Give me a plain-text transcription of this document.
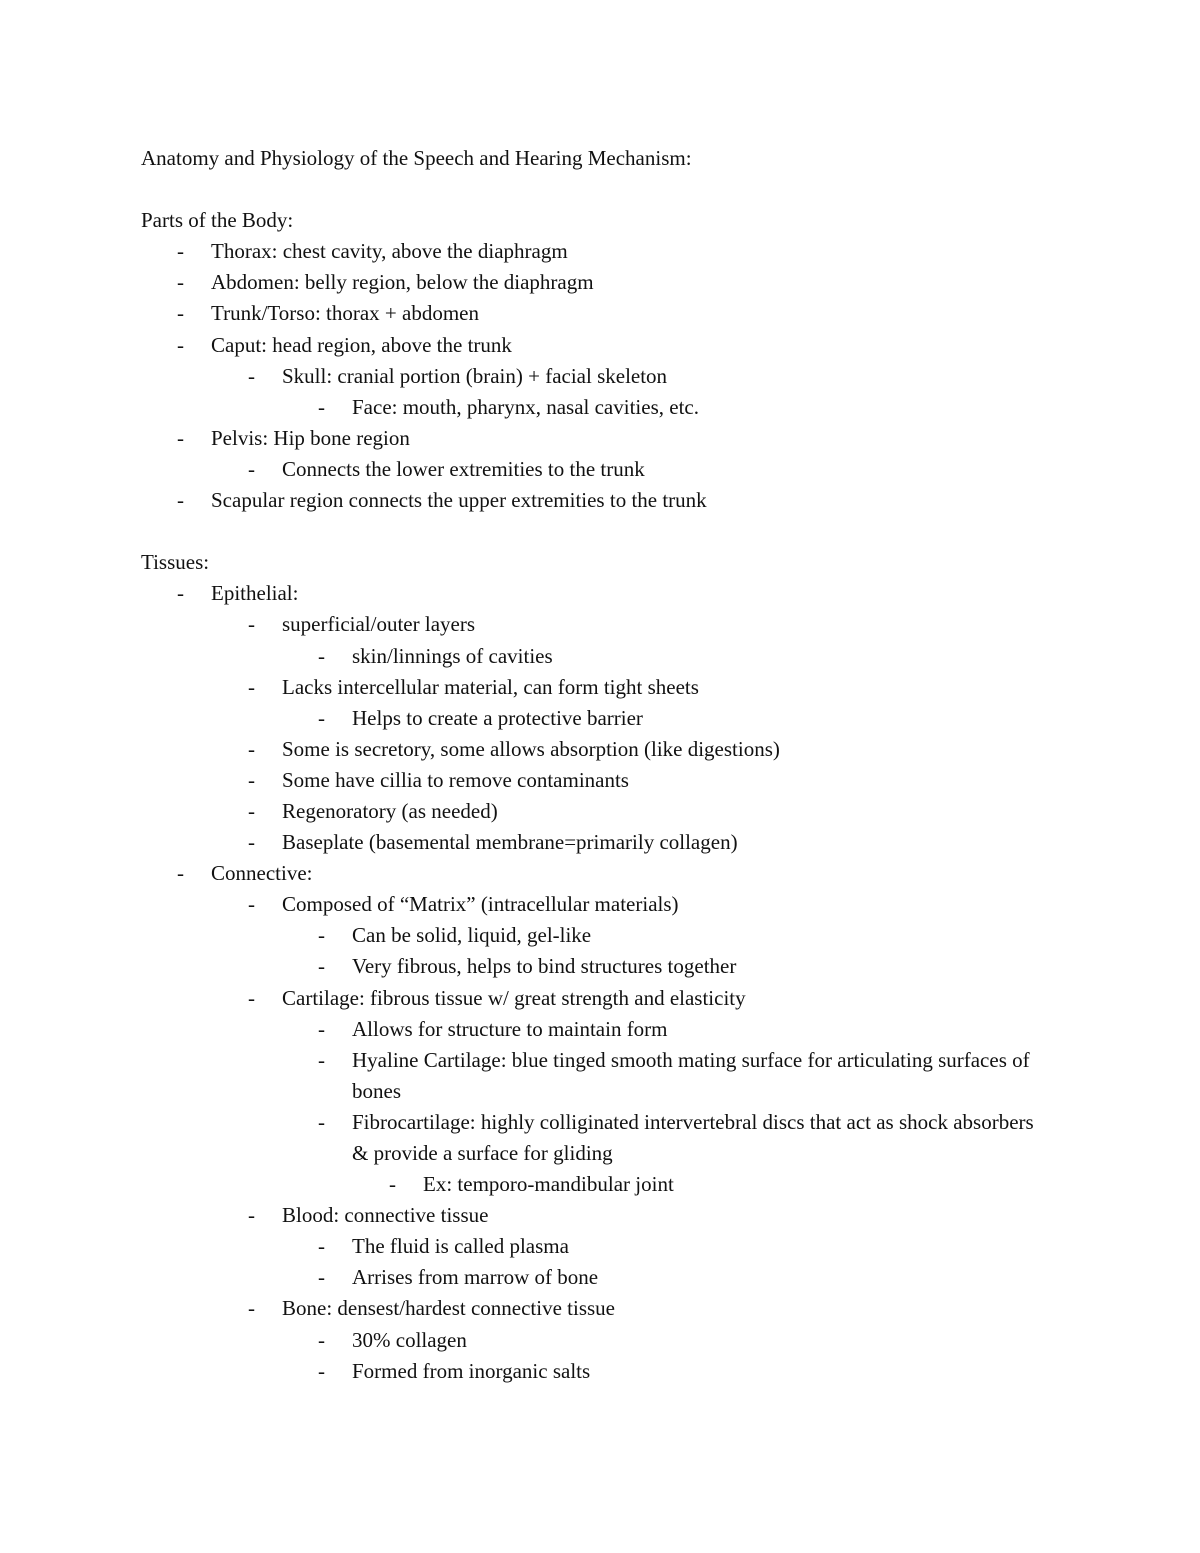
Anatomy and Physiology of the Speech and Hearing Mechanism:
Parts of the Body:
- Thorax: chest cavity, above the diaphragm
- Abdomen: belly region, below the diaphragm
- Trunk/Torso: thorax + abdomen
- Caput: head region, above the trunk
- Skull: cranial portion (brain) + facial skeleton
- Face: mouth, pharynx, nasal cavities, etc.
- Pelvis: Hip bone region
- Connects the lower extremities to the trunk
- Scapular region connects the upper extremities to the trunk
Tissues:
- Epithelial:
- superficial/outer layers
- skin/linnings of cavities
- Lacks intercellular material, can form tight sheets
- Helps to create a protective barrier
- Some is secretory, some allows absorption (like digestions)
- Some have cillia to remove contaminants
- Regenoratory (as needed)
- Baseplate (basemental membrane=primarily collagen)
- Connective:
- Composed of “Matrix” (intracellular materials)
- Can be solid, liquid, gel-like
- Very fibrous, helps to bind structures together
- Cartilage: fibrous tissue w/ great strength and elasticity
- Allows for structure to maintain form
- Hyaline Cartilage: blue tinged smooth mating surface for articulating surfaces of bones
- Fibrocartilage: highly colliginated intervertebral discs that act as shock absorbers & provide a surface for gliding
- Ex: temporo-mandibular joint
- Blood: connective tissue
- The fluid is called plasma
- Arrises from marrow of bone
- Bone: densest/hardest connective tissue
- 30% collagen
- Formed from inorganic salts
